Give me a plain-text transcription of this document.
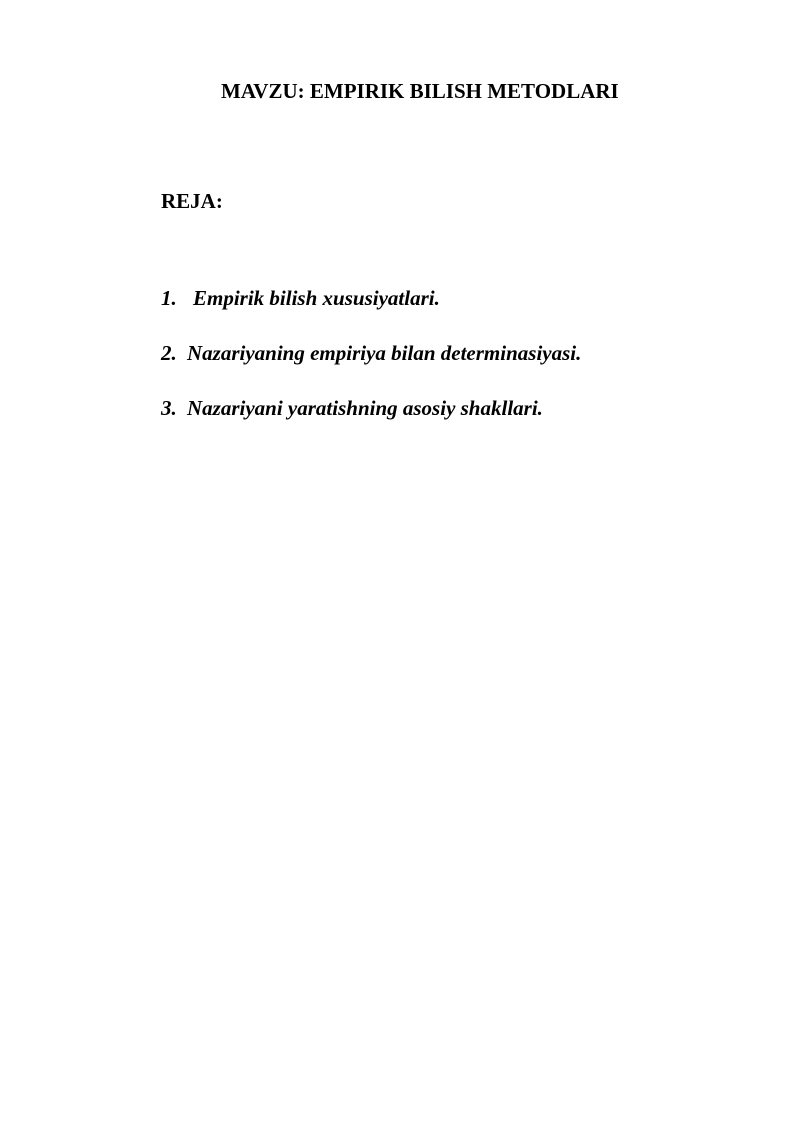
MAVZU: EMPIRIK BILISH METODLARI
REJA:
1. Empirik bilish xususiyatlari.
2. Nazariyaning empiriya bilan determinasiyasi.
3. Nazariyani yaratishning asosiy shakllari.
